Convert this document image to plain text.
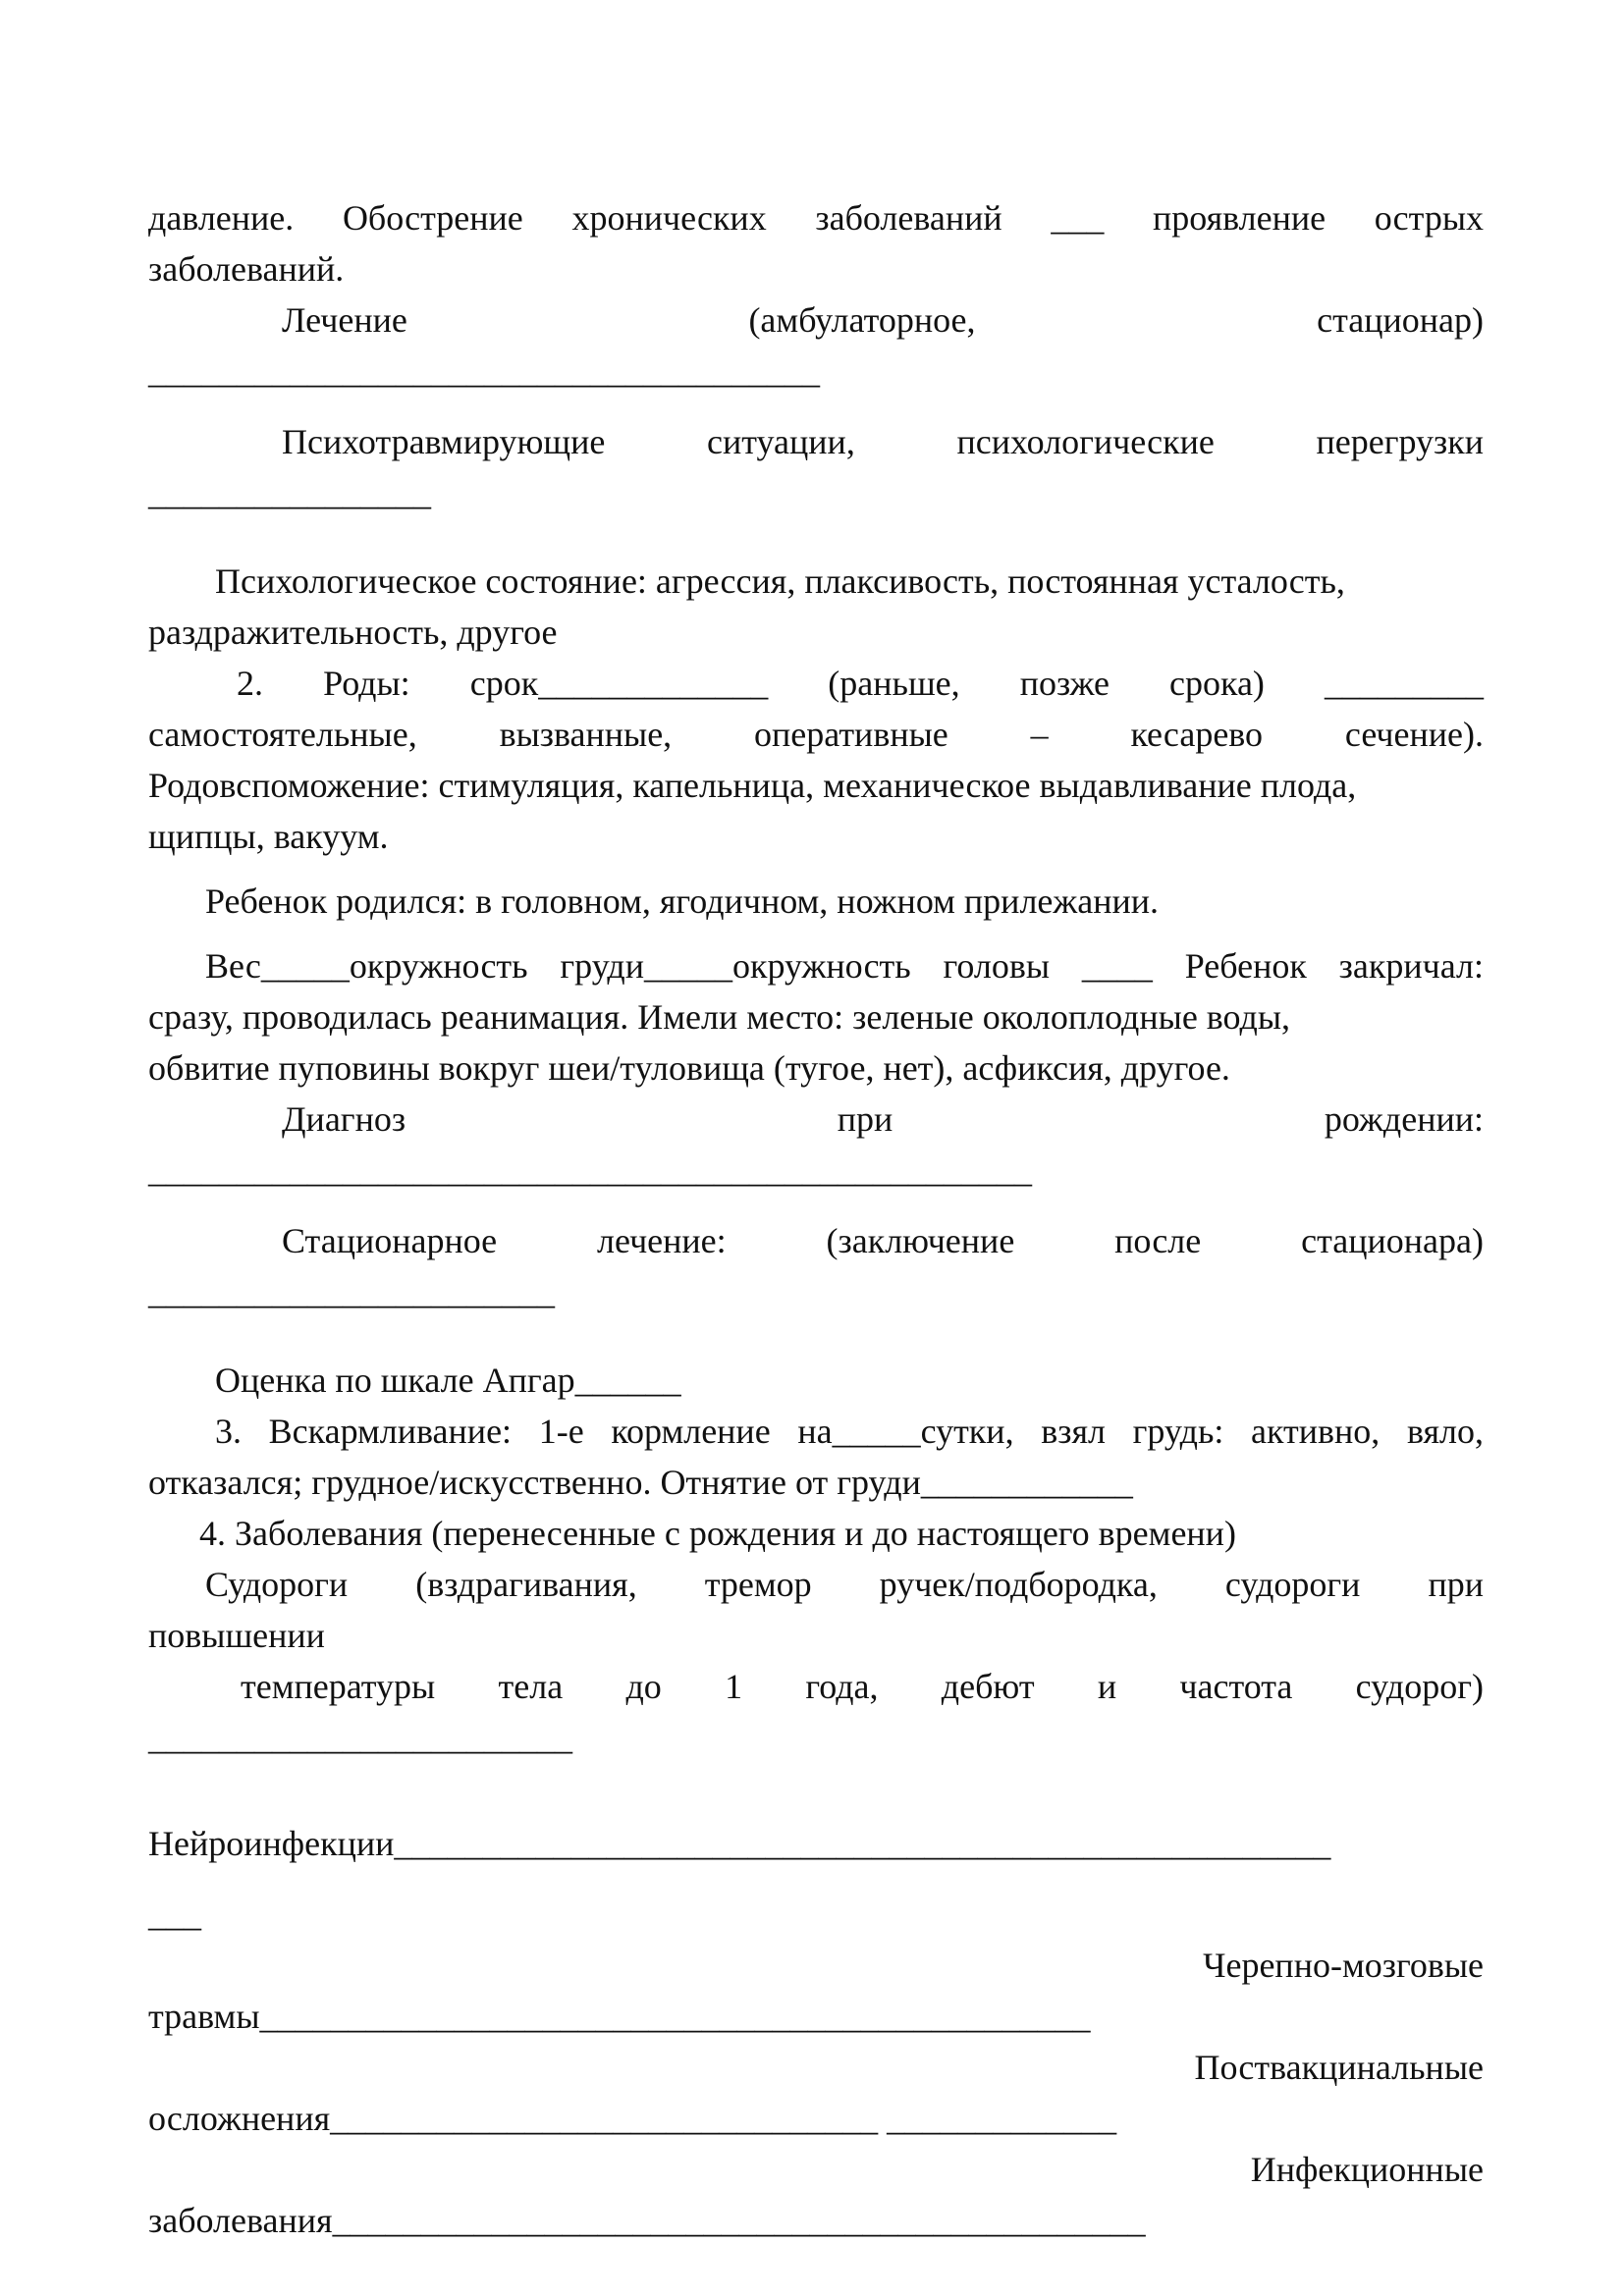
давление. Обострение хронических заболеваний ___ проявление острых

заболеваний.

Лечение (амбулаторное, стационар)

______________________________________

Психотравмирующие ситуации, психологические перегрузки

________________

Психологическое состояние: агрессия, плаксивость, постоянная усталость,

раздражительность, другое

2. Роды: срок_____________ (раньше, позже срока) _________

самостоятельные, вызванные, оперативные – кесарево сечение).

Родовспоможение: стимуляция, капельница, механическое выдавливание плода,

щипцы, вакуум.

Ребенок родился: в головном, ягодичном, ножном прилежании.

Вес_____окружность груди_____окружность головы ____ Ребенок закричал:

сразу, проводилась реанимация. Имели место: зеленые околоплодные воды,

обвитие пуповины вокруг шеи/туловища (тугое, нет), асфиксия, другое.

Диагноз при рождении:

__________________________________________________

Стационарное лечение: (заключение после стационара)

_______________________

Оценка по шкале Апгар______

3. Вскармливание: 1-е кормление на_____сутки, взял грудь: активно, вяло,

отказался; грудное/искусственно. Отнятие от груди____________

4. Заболевания (перенесенные с рождения и до настоящего времени)

Судороги (вздрагивания, тремор ручек/подбородка, судороги при

повышении

температуры тела до 1 года, дебют и частота судорог)

________________________

Нейроинфекции_____________________________________________________

___

Черепно-мозговые

травмы_______________________________________________

Поствакцинальные

осложнения_______________________________ _____________

Инфекционные

заболевания______________________________________________
